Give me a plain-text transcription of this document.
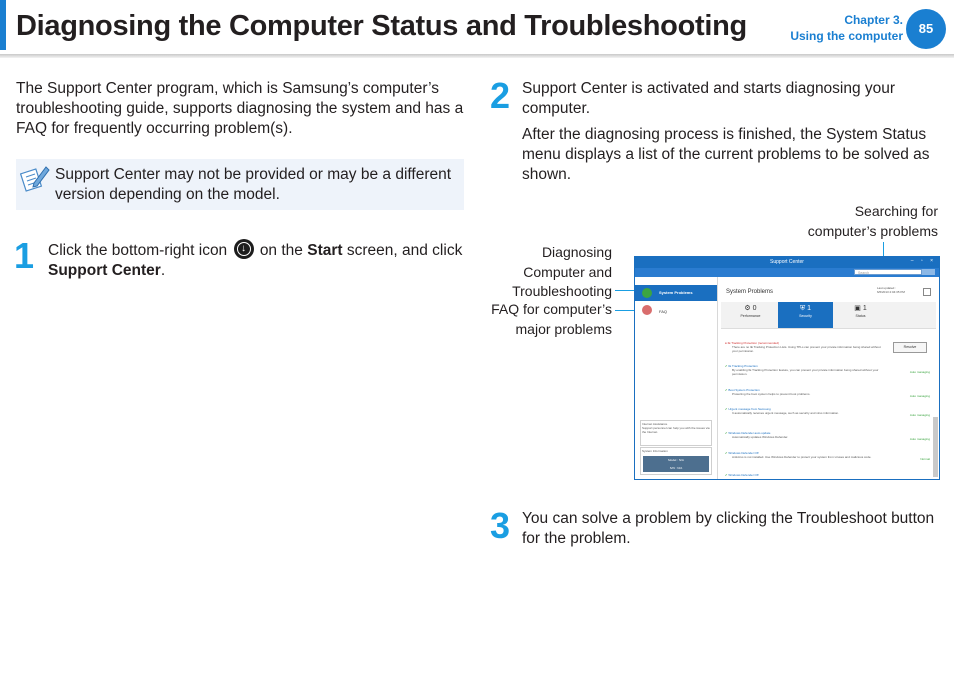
Diagnosing the Computer Status and Troubleshooting	Chapter 3.
Using the computer	85
The Support Center program, which is Samsung’s computer’s troubleshooting guide, supports diagnosing the system and has a FAQ for frequently occurring problem(s).
Support Center may not be provided or may be a different version depending on the model.
1 Click the bottom-right icon	↓ on the Start screen, and click Support Center.
2 Support Center is activated and starts diagnosing your computer.
After the diagnosing process is finished, the System Status menu displays a list of the current problems to be solved as shown.
Searching for
computer’s problems
Diagnosing Computer and Troubleshooting
FAQ for computer’s major problems
Support Center	– ▫ ×
Search
System Problems
FAQ
Internet Assistance
Support personnel can help you with the issues via the Internet.
System Information
Model : N/A
S/N : N/A
System Problems
Last updated :
6/6/2013 2:04:35 PM
⚙ 0
Performance
⛨ 1
Security
▣ 1
Status
● IE Tracking Protection (recommended)
There are no IE Tracking Protection Lists. Using TPLs can prevent your private information being shared without your permission.
Resolve
✔ IE Tracking Protection
By enabling IE Tracking Protection feature, you can prevent your private information being shared without your permission.	Auto managing
✔ Boot System Protection
Protecting the boot system helps to prevent boot problems.	Auto managing
✔ Urgent message from Samsung
It automatically receives urgent message, such as security and virus information.	Auto managing
✔ Windows Defender auto update
Automatically updates Windows Defender.	Auto managing
✔ Windows Defender Off
Antivirus is not installed. Use Windows Defender to protect your system from viruses and malicious code.	Normal
✔ Windows Defender Off
3 You can solve a problem by clicking the Troubleshoot button for the problem.
